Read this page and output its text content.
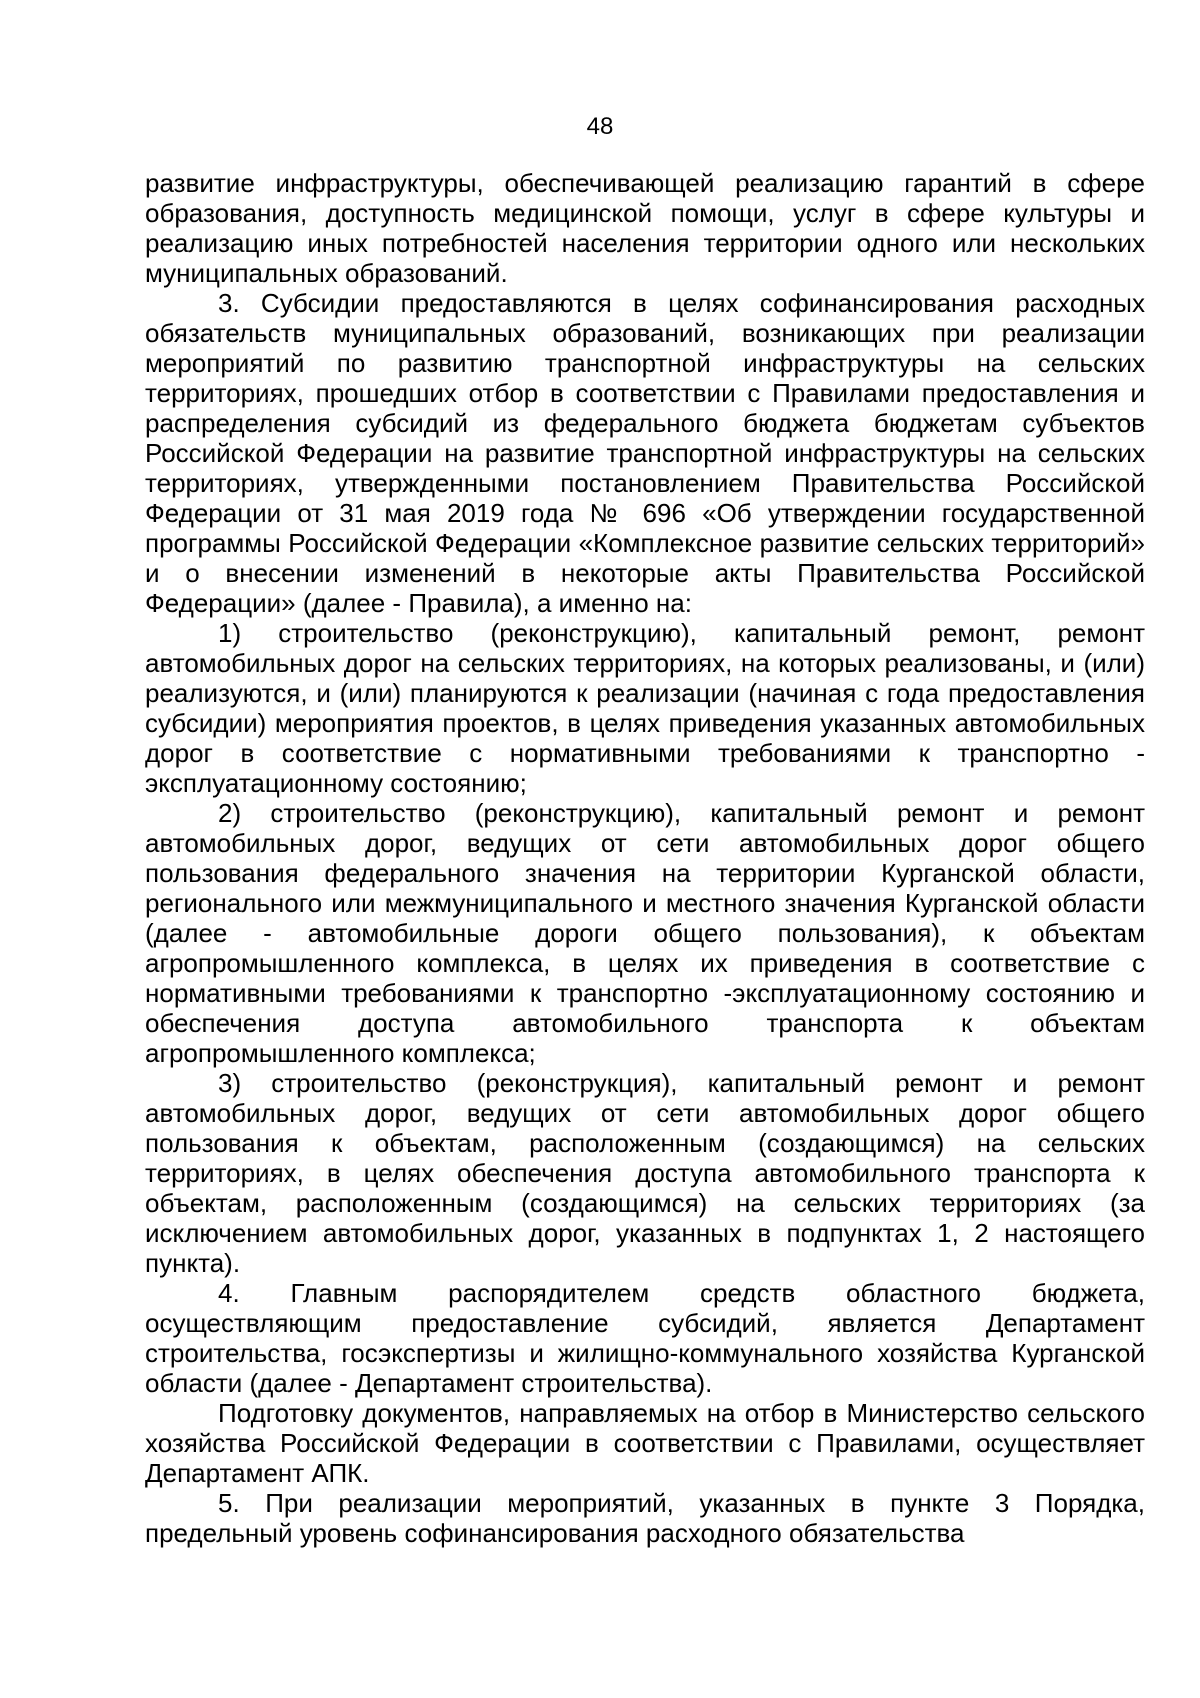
48

развитие инфраструктуры, обеспечивающей реализацию гарантий в сфере образования, доступность медицинской помощи, услуг в сфере культуры и реализацию иных потребностей населения территории одного или нескольких муниципальных образований.

3. Субсидии предоставляются в целях софинансирования расходных обязательств муниципальных образований, возникающих при реализации мероприятий по развитию транспортной инфраструктуры на сельских территориях, прошедших отбор в соответствии с Правилами предоставления и распределения субсидий из федерального бюджета бюджетам субъектов Российской Федерации на развитие транспортной инфраструктуры на сельских территориях, утвержденными постановлением Правительства Российской Федерации от 31 мая 2019 года № 696 «Об утверждении государственной программы Российской Федерации «Комплексное развитие сельских территорий» и о внесении изменений в некоторые акты Правительства Российской Федерации» (далее - Правила), а именно на:

1) строительство (реконструкцию), капитальный ремонт, ремонт автомобильных дорог на сельских территориях, на которых реализованы, и (или) реализуются, и (или) планируются к реализации (начиная с года предоставления субсидии) мероприятия проектов, в целях приведения указанных автомобильных дорог в соответствие с нормативными требованиями к транспортно - эксплуатационному состоянию;

2) строительство (реконструкцию), капитальный ремонт и ремонт автомобильных дорог, ведущих от сети автомобильных дорог общего пользования федерального значения на территории Курганской области, регионального или межмуниципального и местного значения Курганской области (далее - автомобильные дороги общего пользования), к объектам агропромышленного комплекса, в целях их приведения в соответствие с нормативными требованиями к транспортно -эксплуатационному состоянию и обеспечения доступа автомобильного транспорта к объектам агропромышленного комплекса;

3) строительство (реконструкция), капитальный ремонт и ремонт автомобильных дорог, ведущих от сети автомобильных дорог общего пользования к объектам, расположенным (создающимся) на сельских территориях, в целях обеспечения доступа автомобильного транспорта к объектам, расположенным (создающимся) на сельских территориях (за исключением автомобильных дорог, указанных в подпунктах 1, 2 настоящего пункта).

4. Главным распорядителем средств областного бюджета, осуществляющим предоставление субсидий, является Департамент строительства, госэкспертизы и жилищно-коммунального хозяйства Курганской области (далее - Департамент строительства).

Подготовку документов, направляемых на отбор в Министерство сельского хозяйства Российской Федерации в соответствии с Правилами, осуществляет Департамент АПК.

5. При реализации мероприятий, указанных в пункте 3 Порядка, предельный уровень софинансирования расходного обязательства
